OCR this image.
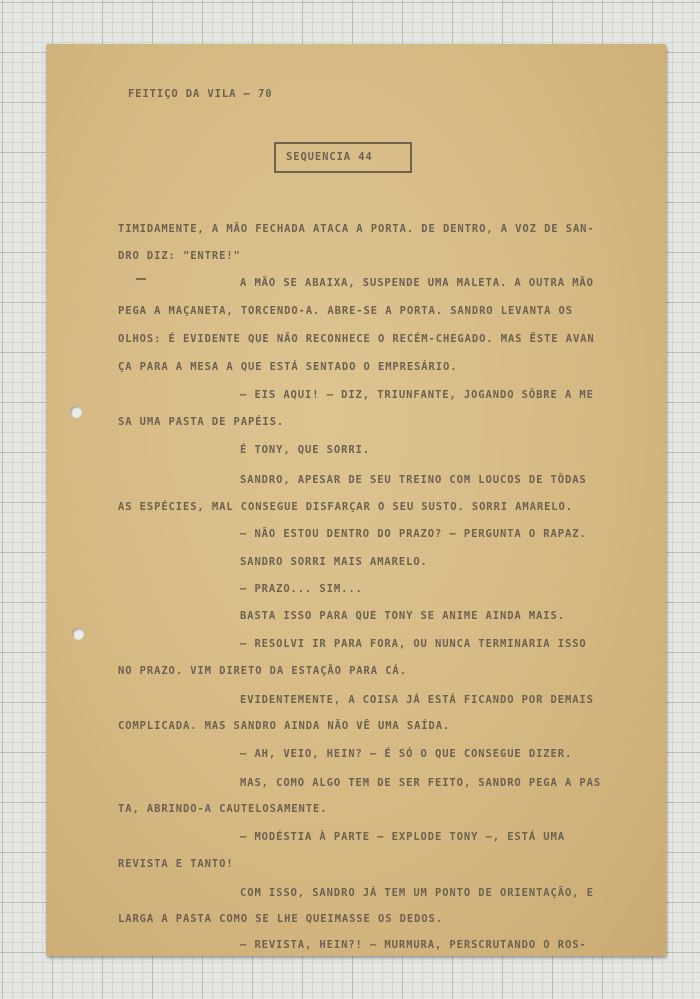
FEITIÇO DA VILA — 70
SEQUENCIA 44
TIMIDAMENTE, A MÃO FECHADA ATACA A PORTA. DE DENTRO, A VOZ DE SAN-
DRO DIZ: "ENTRE!"
A MÃO SE ABAIXA, SUSPENDE UMA MALETA. A OUTRA MÃO
PEGA A MAÇANETA, TORCENDO-A. ABRE-SE A PORTA. SANDRO LEVANTA OS
OLHOS: É EVIDENTE QUE NÃO RECONHECE O RECÉM-CHEGADO. MAS ÊSTE AVAN
ÇA PARA A MESA A QUE ESTÁ SENTADO O EMPRESÁRIO.
— EIS AQUI! — DIZ, TRIUNFANTE, JOGANDO SÔBRE A ME
SA UMA PASTA DE PAPÉIS.
É TONY, QUE SORRI.
SANDRO, APESAR DE SEU TREINO COM LOUCOS DE TÔDAS
AS ESPÉCIES, MAL CONSEGUE DISFARÇAR O SEU SUSTO. SORRI AMARELO.
— NÃO ESTOU DENTRO DO PRAZO? — PERGUNTA O RAPAZ.
SANDRO SORRI MAIS AMARELO.
— PRAZO... SIM...
BASTA ISSO PARA QUE TONY SE ANIME AINDA MAIS.
— RESOLVI IR PARA FORA, OU NUNCA TERMINARIA ISSO
NO PRAZO. VIM DIRETO DA ESTAÇÃO PARA CÁ.
EVIDENTEMENTE, A COISA JÁ ESTÁ FICANDO POR DEMAIS
COMPLICADA. MAS SANDRO AINDA NÃO VÊ UMA SAÍDA.
— AH, VEIO, HEIN? — É SÓ O QUE CONSEGUE DIZER.
MAS, COMO ALGO TEM DE SER FEITO, SANDRO PEGA A PAS
TA, ABRINDO-A CAUTELOSAMENTE.
— MODÉSTIA À PARTE — EXPLODE TONY —, ESTÁ UMA
REVISTA E TANTO!
COM ISSO, SANDRO JÁ TEM UM PONTO DE ORIENTAÇÃO, E
LARGA A PASTA COMO SE LHE QUEIMASSE OS DEDOS.
— REVISTA, HEIN?! — MURMURA, PERSCRUTANDO O ROS-
